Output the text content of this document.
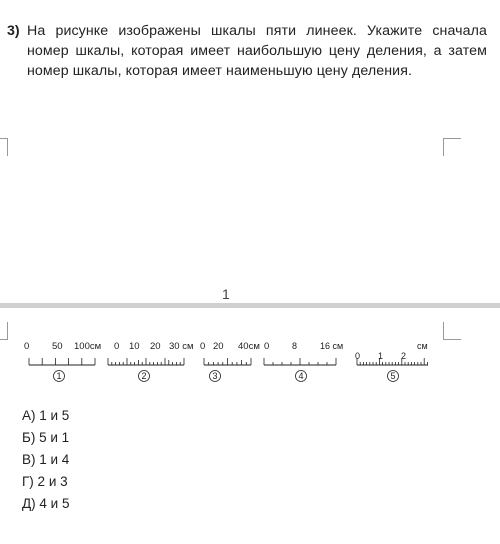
3) На рисунке изображены шкалы пяти линеек. Укажите сначала номер шкалы, которая имеет наибольшую цену деления, а затем номер шкалы, которая имеет наименьшую цену деления.
1
0 50 100см
1
0 10 20 30 см
2
0 20 40см
3
0	8	16 см
4
0 1 2
см
5
А) 1 и 5
Б) 5 и 1
В) 1 и 4
Г) 2 и 3
Д) 4 и 5
